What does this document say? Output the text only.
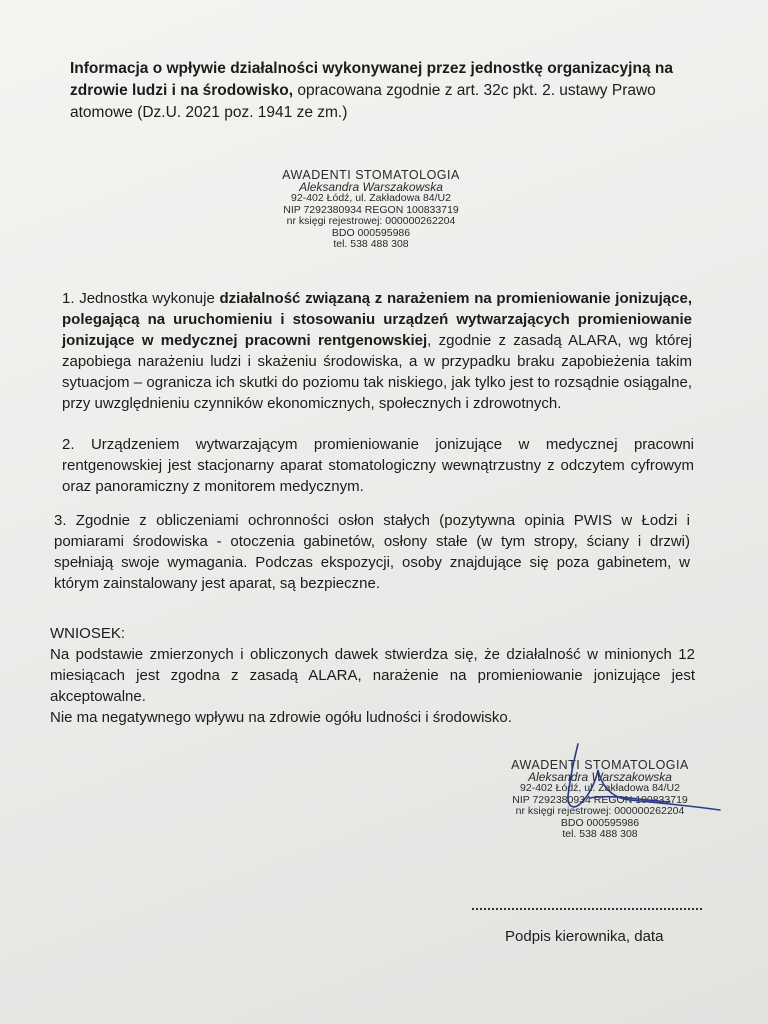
Informacja o wpływie działalności wykonywanej przez jednostkę organizacyjną na zdrowie ludzi i na środowisko, opracowana zgodnie z art. 32c pkt. 2. ustawy Prawo atomowe (Dz.U. 2021 poz. 1941 ze zm.)
AWADENTI STOMATOLOGIA
Aleksandra Warszakowska
92-402 Łódź, ul. Zakładowa 84/U2
NIP 7292380934 REGON 100833719
nr księgi rejestrowej: 000000262204
BDO 000595986
tel. 538 488 308
1. Jednostka wykonuje działalność związaną z narażeniem na promieniowanie jonizujące, polegającą na uruchomieniu i stosowaniu urządzeń wytwarzających promieniowanie jonizujące w medycznej pracowni rentgenowskiej, zgodnie z zasadą ALARA, wg której zapobiega narażeniu ludzi i skażeniu środowiska, a w przypadku braku zapobieżenia takim sytuacjom – ogranicza ich skutki do poziomu tak niskiego, jak tylko jest to rozsądnie osiągalne, przy uwzględnieniu czynników ekonomicznych, społecznych i zdrowotnych.
2. Urządzeniem wytwarzającym promieniowanie jonizujące w medycznej pracowni rentgenowskiej jest stacjonarny aparat stomatologiczny wewnątrzustny z odczytem cyfrowym oraz panoramiczny z monitorem medycznym.
3. Zgodnie z obliczeniami ochronności osłon stałych (pozytywna opinia PWIS w Łodzi i pomiarami środowiska - otoczenia gabinetów, osłony stałe (w tym stropy, ściany i drzwi) spełniają swoje wymagania. Podczas ekspozycji, osoby znajdujące się poza gabinetem, w którym zainstalowany jest aparat, są bezpieczne.
WNIOSEK:
Na podstawie zmierzonych i obliczonych dawek stwierdza się, że działalność w minionych 12 miesiącach jest zgodna z zasadą ALARA, narażenie na promieniowanie jonizujące jest akceptowalne.
Nie ma negatywnego wpływu na zdrowie ogółu ludności i środowisko.
AWADENTI STOMATOLOGIA
Aleksandra Warszakowska
92-402 Łódź, ul. Zakładowa 84/U2
NIP 7292380934 REGON 100833719
nr księgi rejestrowej: 000000262204
BDO 000595986
tel. 538 488 308
Podpis kierownika, data
